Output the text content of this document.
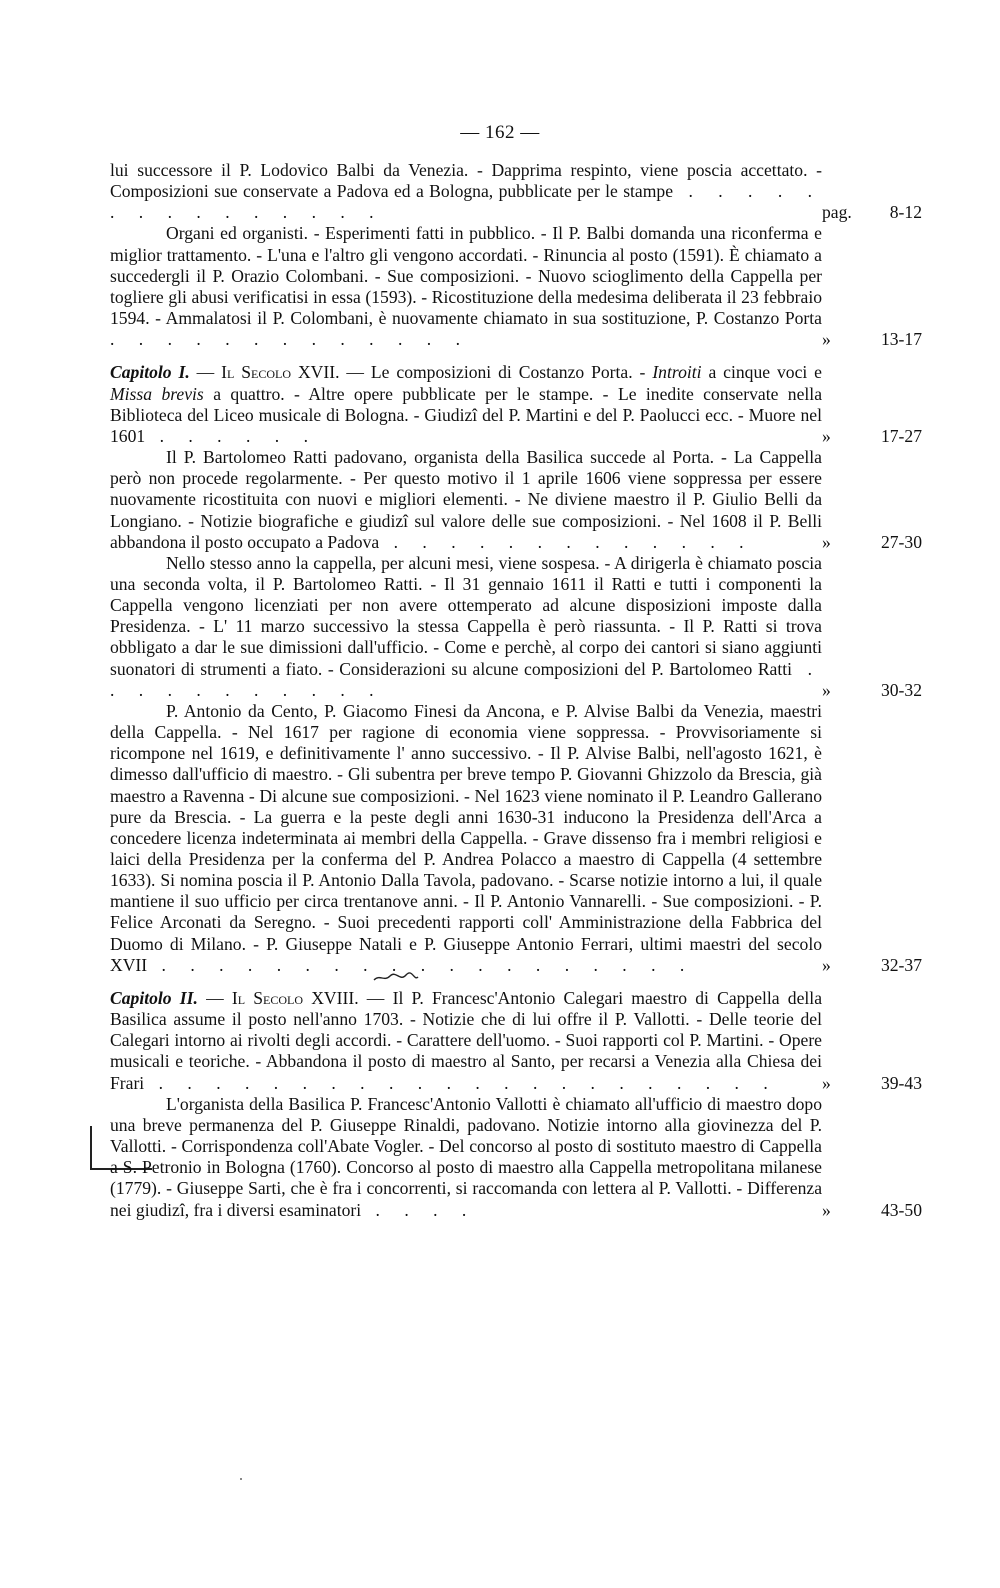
— 162 —
lui successore il P. Lodovico Balbi da Venezia. - Dapprima respinto, viene poscia accettato. - Composizioni sue conservate a Padova ed a Bologna, pubblicate per le stampe . . . . . . . . . . . . . . .	pag.	8-12
Organi ed organisti. - Esperimenti fatti in pubblico. - Il P. Balbi domanda una riconferma e miglior trattamento. - L'una e l'altro gli vengono accordati. - Rinuncia al posto (1591). È chiamato a succedergli il P. Orazio Colombani. - Sue composizioni. - Nuovo scioglimento della Cappella per togliere gli abusi verificatisi in essa (1593). - Ricostituzione della medesima deliberata il 23 febbraio 1594. - Ammalatosi il P. Colombani, è nuovamente chiamato in sua sostituzione, P. Costanzo Porta . . . . . . . . . . . . .	»	13-17
Capitolo I. — Il Secolo XVII. — Le composizioni di Costanzo Porta. - Introiti a cinque voci e Missa brevis a quattro. - Altre opere pubblicate per le stampe. - Le inedite conservate nella Biblioteca del Liceo musicale di Bologna. - Giudizî del P. Martini e del P. Paolucci ecc. - Muore nel 1601 . . . . . .	»	17-27
Il P. Bartolomeo Ratti padovano, organista della Basilica succede al Porta. - La Cappella però non procede regolarmente. - Per questo motivo il 1 aprile 1606 viene soppressa per essere nuovamente ricostituita con nuovi e migliori elementi. - Ne diviene maestro il P. Giulio Belli da Longiano. - Notizie biografiche e giudizî sul valore delle sue composizioni. - Nel 1608 il P. Belli abbandona il posto occupato a Padova . . . . . . . . . . . . .	»	27-30
Nello stesso anno la cappella, per alcuni mesi, viene sospesa. - A dirigerla è chiamato poscia una seconda volta, il P. Bartolomeo Ratti. - Il 31 gennaio 1611 il Ratti e tutti i componenti la Cappella vengono licenziati per non avere ottemperato ad alcune disposizioni imposte dalla Presidenza. - L' 11 marzo successivo la stessa Cappella è però riassunta. - Il P. Ratti si trova obbligato a dar le sue dimissioni dall'ufficio. - Come e perchè, al corpo dei cantori si siano aggiunti suonatori di strumenti a fiato. - Considerazioni su alcune composizioni del P. Bartolomeo Ratti . . . . . . . . . . .	»	30-32
P. Antonio da Cento, P. Giacomo Finesi da Ancona, e P. Alvise Balbi da Venezia, maestri della Cappella. - Nel 1617 per ragione di economia viene soppressa. - Provvisoriamente si ricompone nel 1619, e definitivamente l' anno successivo. - Il P. Alvise Balbi, nell'agosto 1621, è dimesso dall'ufficio di maestro. - Gli subentra per breve tempo P. Giovanni Ghizzolo da Brescia, già maestro a Ravenna - Di alcune sue composizioni. - Nel 1623 viene nominato il P. Leandro Gallerano pure da Brescia. - La guerra e la peste degli anni 1630-31 inducono la Presidenza dell'Arca a concedere licenza indeterminata ai membri della Cappella. - Grave dissenso fra i membri religiosi e laici della Presidenza per la conferma del P. Andrea Polacco a maestro di Cappella (4 settembre 1633). Si nomina poscia il P. Antonio Dalla Tavola, padovano. - Scarse notizie intorno a lui, il quale mantiene il suo ufficio per circa trentanove anni. - Il P. Antonio Vannarelli. - Sue composizioni. - P. Felice Arconati da Seregno. - Suoi precedenti rapporti coll' Amministrazione della Fabbrica del Duomo di Milano. - P. Giuseppe Natali e P. Giuseppe Antonio Ferrari, ultimi maestri del secolo XVII . . . . . . . . . . . . . . . . . . .	»	32-37
Capitolo II. — Il Secolo XVIII. — Il P. Francesc'Antonio Calegari maestro di Cappella della Basilica assume il posto nell'anno 1703. - Notizie che di lui offre il P. Vallotti. - Delle teorie del Calegari intorno ai rivolti degli accordi. - Carattere dell'uomo. - Suoi rapporti col P. Martini. - Opere musicali e teoriche. - Abbandona il posto di maestro al Santo, per recarsi a Venezia alla Chiesa dei Frari . . . . . . . . . . . . . . . . . . . . . .	»	39-43
L'organista della Basilica P. Francesc'Antonio Vallotti è chiamato all'ufficio di maestro dopo una breve permanenza del P. Giuseppe Rinaldi, padovano. Notizie intorno alla giovinezza del P. Vallotti. - Corrispondenza coll'Abate Vogler. - Del concorso al posto di sostituto maestro di Cappella a S. Petronio in Bologna (1760). Concorso al posto di maestro alla Cappella metropolitana milanese (1779). - Giuseppe Sarti, che è fra i concorrenti, si raccomanda con lettera al P. Vallotti. - Differenza nei giudizî, fra i diversi esaminatori . . . .	»	43-50
